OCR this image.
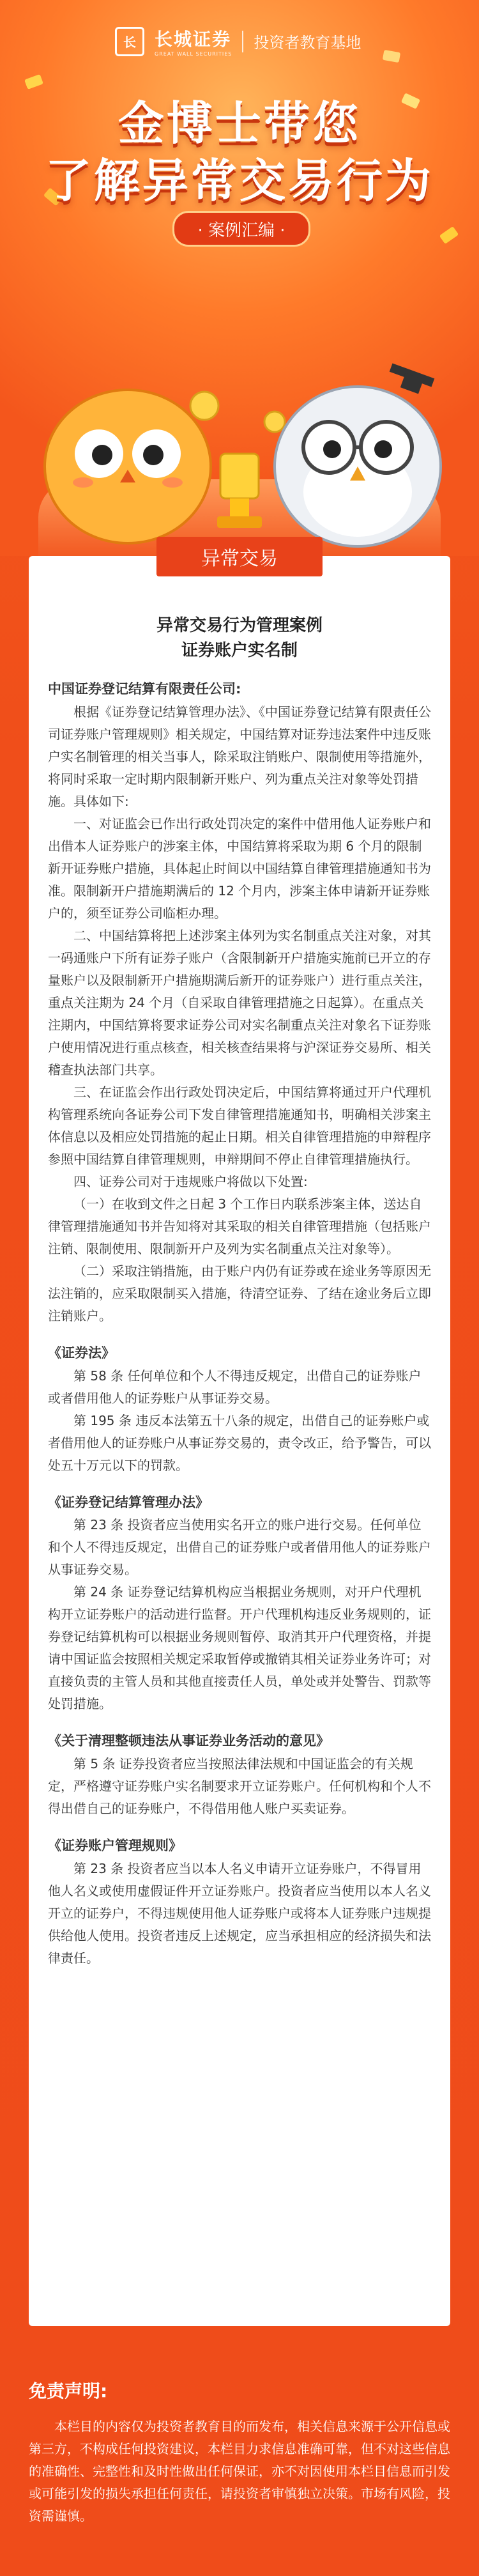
长	长城证券
GREAT WALL SECURITIES
投资者教育基地
金博士带您
了解异常交易行为
· 案例汇编 ·
异常交易
异常交易行为管理案例
证券账户实名制
中国证券登记结算有限责任公司:

根据《证券登记结算管理办法》、《中国证券登记结算有限责任公司证券账户管理规则》相关规定，中国结算对证券违法案件中违反账户实名制管理的相关当事人，除采取注销账户、限制使用等措施外，将同时采取一定时期内限制新开账户、列为重点关注对象等处罚措施。具体如下:

一、对证监会已作出行政处罚决定的案件中借用他人证券账户和出借本人证券账户的涉案主体，中国结算将采取为期 6 个月的限制新开证券账户措施，具体起止时间以中国结算自律管理措施通知书为准。限制新开户措施期满后的 12 个月内，涉案主体申请新开证券账户的，须至证券公司临柜办理。

二、中国结算将把上述涉案主体列为实名制重点关注对象，对其一码通账户下所有证券子账户（含限制新开户措施实施前已开立的存量账户以及限制新开户措施期满后新开的证券账户）进行重点关注，重点关注期为 24 个月（自采取自律管理措施之日起算）。在重点关注期内，中国结算将要求证券公司对实名制重点关注对象名下证券账户使用情况进行重点核查，相关核查结果将与沪深证券交易所、相关稽查执法部门共享。

三、在证监会作出行政处罚决定后，中国结算将通过开户代理机构管理系统向各证券公司下发自律管理措施通知书，明确相关涉案主体信息以及相应处罚措施的起止日期。相关自律管理措施的申辩程序参照中国结算自律管理规则，申辩期间不停止自律管理措施执行。

四、证券公司对于违规账户将做以下处置:

（一）在收到文件之日起 3 个工作日内联系涉案主体，送达自律管理措施通知书并告知将对其采取的相关自律管理措施（包括账户注销、限制使用、限制新开户及列为实名制重点关注对象等）。

（二）采取注销措施，由于账户内仍有证券或在途业务等原因无法注销的，应采取限制买入措施，待清空证券、了结在途业务后立即注销账户。

《证券法》

第 58 条 任何单位和个人不得违反规定，出借自己的证券账户或者借用他人的证券账户从事证券交易。

第 195 条 违反本法第五十八条的规定，出借自己的证券账户或者借用他人的证券账户从事证券交易的，责令改正，给予警告，可以处五十万元以下的罚款。

《证券登记结算管理办法》

第 23 条 投资者应当使用实名开立的账户进行交易。任何单位和个人不得违反规定，出借自己的证券账户或者借用他人的证券账户从事证券交易。

第 24 条 证券登记结算机构应当根据业务规则，对开户代理机构开立证券账户的活动进行监督。开户代理机构违反业务规则的，证券登记结算机构可以根据业务规则暂停、取消其开户代理资格，并提请中国证监会按照相关规定采取暂停或撤销其相关证券业务许可；对直接负责的主管人员和其他直接责任人员，单处或并处警告、罚款等处罚措施。

《关于清理整顿违法从事证券业务活动的意见》

第 5 条 证券投资者应当按照法律法规和中国证监会的有关规定，严格遵守证券账户实名制要求开立证券账户。任何机构和个人不得出借自己的证券账户，不得借用他人账户买卖证券。

《证券账户管理规则》

第 23 条 投资者应当以本人名义申请开立证券账户，不得冒用他人名义或使用虚假证件开立证券账户。投资者应当使用以本人名义开立的证券户，不得违规使用他人证券账户或将本人证券账户违规提供给他人使用。投资者违反上述规定，应当承担相应的经济损失和法律责任。

免责声明:
本栏目的内容仅为投资者教育目的而发布，相关信息来源于公开信息或第三方，不构成任何投资建议，本栏目力求信息准确可靠，但不对这些信息的准确性、完整性和及时性做出任何保证，亦不对因使用本栏目信息而引发或可能引发的损失承担任何责任，请投资者审慎独立决策。市场有风险，投资需谨慎。
